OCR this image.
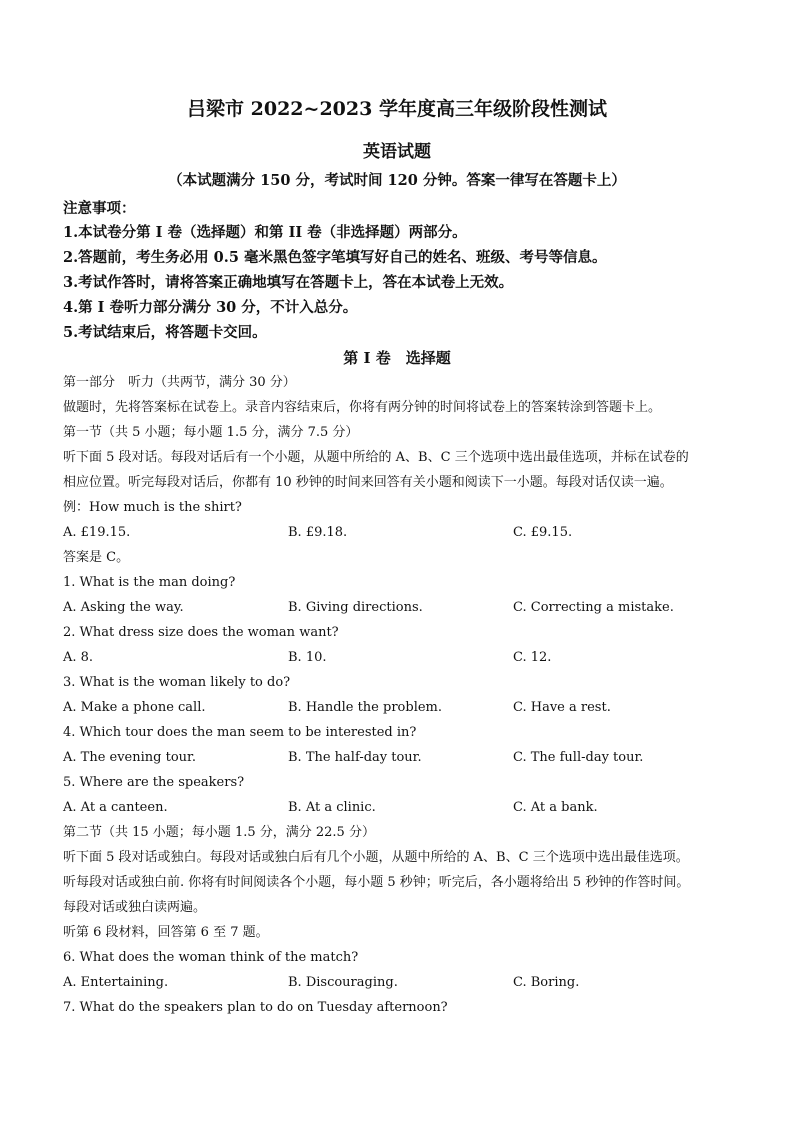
吕梁市 2022~2023 学年度高三年级阶段性测试
英语试题
（本试题满分 150 分，考试时间 120 分钟。答案一律写在答题卡上）
注意事项：
1.本试卷分第 I 卷（选择题）和第 II 卷（非选择题）两部分。
2.答题前，考生务必用 0.5 毫米黑色签字笔填写好自己的姓名、班级、考号等信息。
3.考试作答时，请将答案正确地填写在答题卡上，答在本试卷上无效。
4.第 I 卷听力部分满分 30 分，不计入总分。
5.考试结束后，将答题卡交回。
第 I 卷　选择题
第一部分　听力（共两节，满分 30 分）
做题时，先将答案标在试卷上。录音内容结束后，你将有两分钟的时间将试卷上的答案转涂到答题卡上。
第一节（共 5 小题；每小题 1.5 分，满分 7.5 分）
听下面 5 段对话。每段对话后有一个小题，从题中所给的 A、B、C 三个选项中选出最佳选项，并标在试卷的
相应位置。听完每段对话后，你都有 10 秒钟的时间来回答有关小题和阅读下一小题。每段对话仅读一遍。
例：How much is the shirt?
A. £19.15.	B. £9.18.	C. £9.15.
答案是 C。
1. What is the man doing?
A. Asking the way.	B. Giving directions.	C. Correcting a mistake.
2. What dress size does the woman want?
A. 8.	B. 10.	C. 12.
3. What is the woman likely to do?
A. Make a phone call.	B. Handle the problem.	C. Have a rest.
4. Which tour does the man seem to be interested in?
A. The evening tour.	B. The half-day tour.	C. The full-day tour.
5. Where are the speakers?
A. At a canteen.	B. At a clinic.	C. At a bank.
第二节（共 15 小题；每小题 1.5 分，满分 22.5 分）
听下面 5 段对话或独白。每段对话或独白后有几个小题，从题中所给的 A、B、C 三个选项中选出最佳选项。
听每段对话或独白前. 你将有时间阅读各个小题，每小题 5 秒钟；听完后，各小题将给出 5 秒钟的作答时间。
每段对话或独白读两遍。
听第 6 段材料，回答第 6 至 7 题。
6. What does the woman think of the match?
A. Entertaining.	B. Discouraging.	C. Boring.
7. What do the speakers plan to do on Tuesday afternoon?
